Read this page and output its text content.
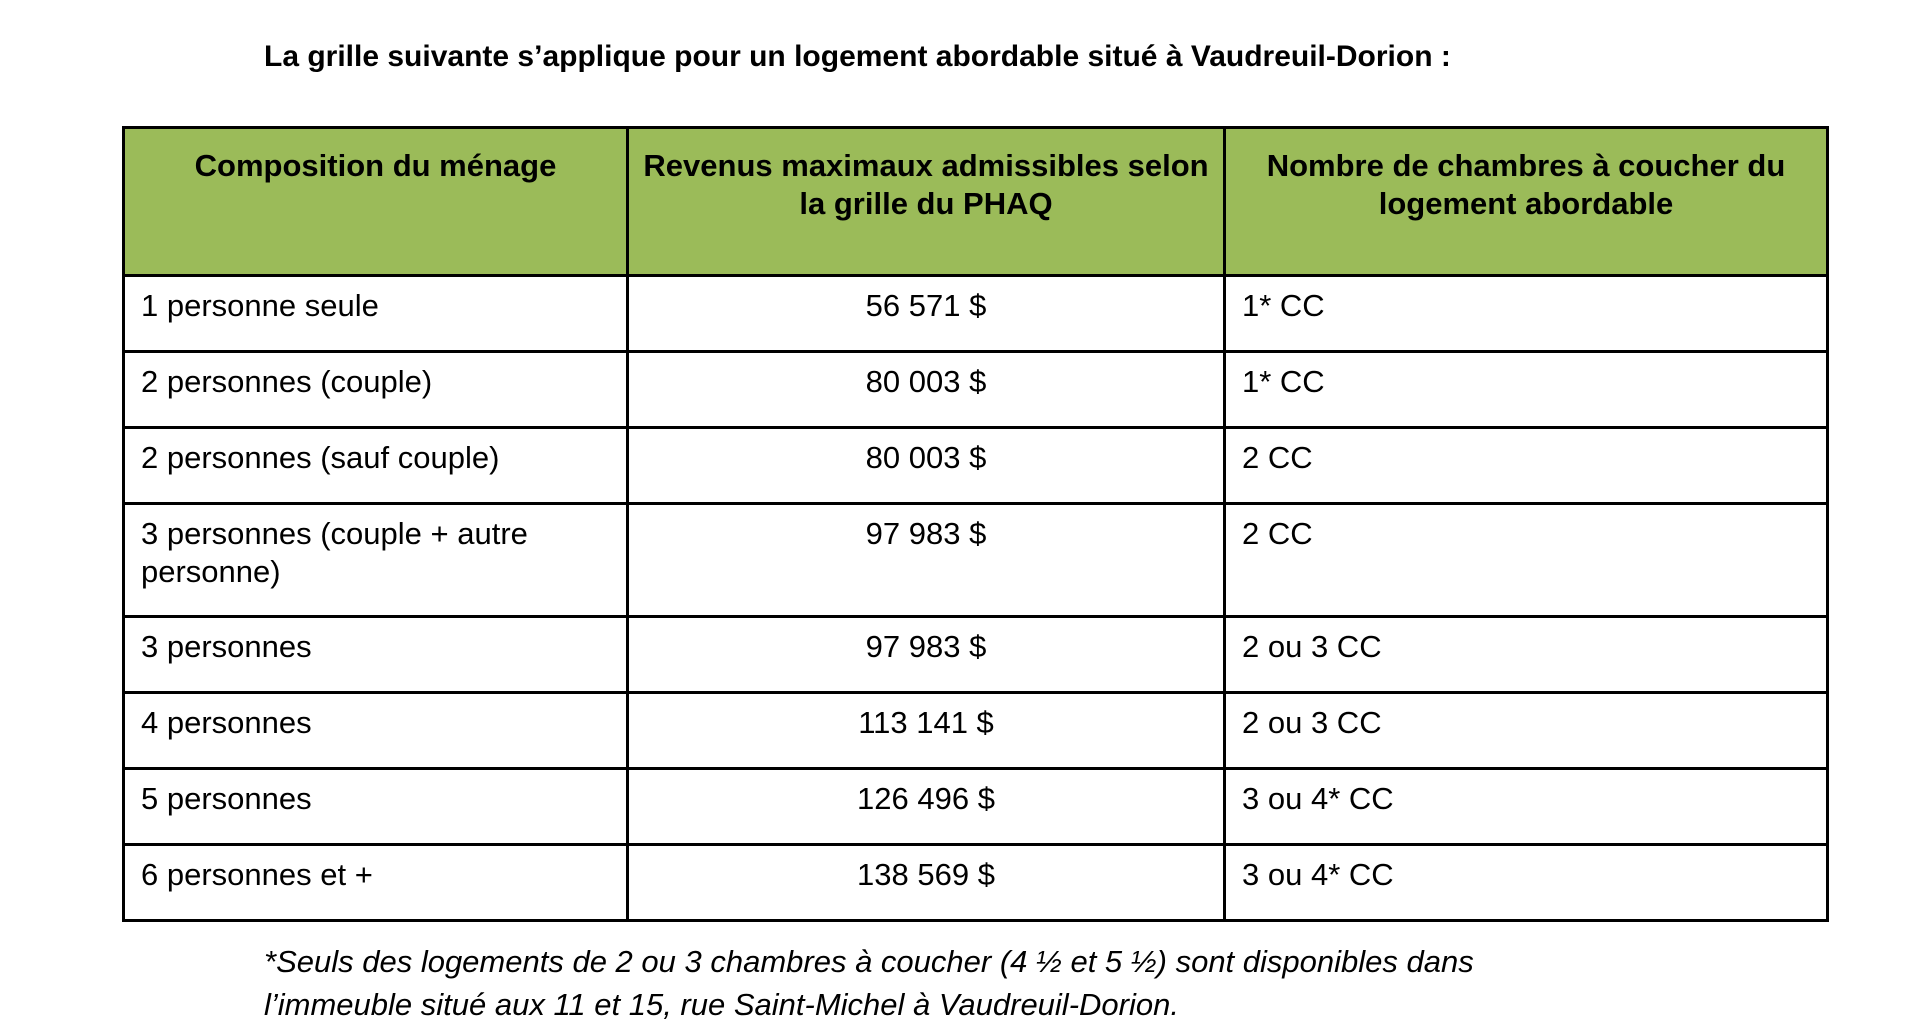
La grille suivante s’applique pour un logement abordable situé à Vaudreuil-Dorion :
Composition du ménage	Revenus maximaux admissibles selon la grille du PHAQ	Nombre de chambres à coucher du logement abordable
1 personne seule	56 571 $	1* CC
2 personnes (couple)	80 003 $	1* CC
2 personnes (sauf couple)	80 003 $	2 CC
3 personnes (couple + autre personne)	97 983 $	2 CC
3 personnes	97 983 $	2 ou 3 CC
4 personnes	113 141 $	2 ou 3 CC
5 personnes	126 496 $	3 ou 4* CC
6 personnes et +	138 569 $	3 ou 4* CC
*Seuls des logements de 2 ou 3 chambres à coucher (4 ½ et 5 ½) sont disponibles dans
l’immeuble situé aux 11 et 15, rue Saint-Michel à Vaudreuil-Dorion.
